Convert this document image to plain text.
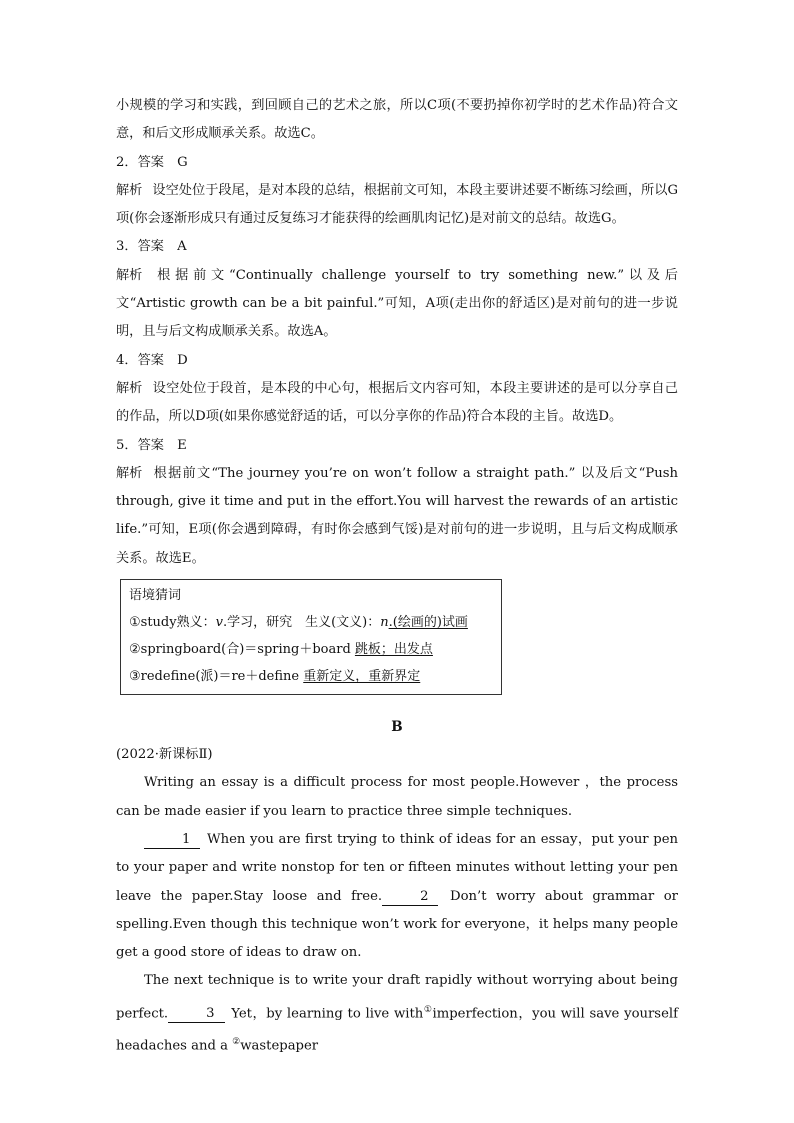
小规模的学习和实践，到回顾自己的艺术之旅，所以C项(不要扔掉你初学时的艺术作品)符合文意，和后文形成顺承关系。故选C。

2．答案　G

解析 设空处位于段尾，是对本段的总结，根据前文可知，本段主要讲述要不断练习绘画，所以G项(你会逐渐形成只有通过反复练习才能获得的绘画肌肉记忆)是对前文的总结。故选G。

3．答案　A

解析 根据前文“Continually challenge yourself to try something new.”以及后文“Artistic growth can be a bit painful.”可知，A项(走出你的舒适区)是对前句的进一步说明，且与后文构成顺承关系。故选A。

4．答案　D

解析 设空处位于段首，是本段的中心句，根据后文内容可知，本段主要讲述的是可以分享自己的作品，所以D项(如果你感觉舒适的话，可以分享你的作品)符合本段的主旨。故选D。

5．答案　E

解析 根据前文“The journey you’re on won’t follow a straight path.” 以及后文“Push through, give it time and put in the effort.You will harvest the rewards of an artistic life.”可知，E项(你会遇到障碍，有时你会感到气馁)是对前句的进一步说明，且与后文构成顺承关系。故选E。

语境猜词
①study熟义：v.学习，研究　生义(文义)：n.(绘画的)试画
②springboard(合)＝spring＋board 跳板；出发点
③redefine(派)＝re＋define 重新定义，重新界定
B

(2022·新课标Ⅱ)

Writing an essay is a difficult process for most people.However ，the process can be made easier if you learn to practice three simple techniques.

1 When you are first trying to think of ideas for an essay，put your pen to your paper and write nonstop for ten or fifteen minutes without letting your pen leave the paper.Stay loose and free.	2 Don’t worry about grammar or spelling.Even though this technique won’t work for everyone，it helps many people get a good store of ideas to draw on.

The next technique is to write your draft rapidly without worrying about being perfect.	3 Yet，by learning to live with①imperfection，you will save yourself headaches and a ②wastepaper
